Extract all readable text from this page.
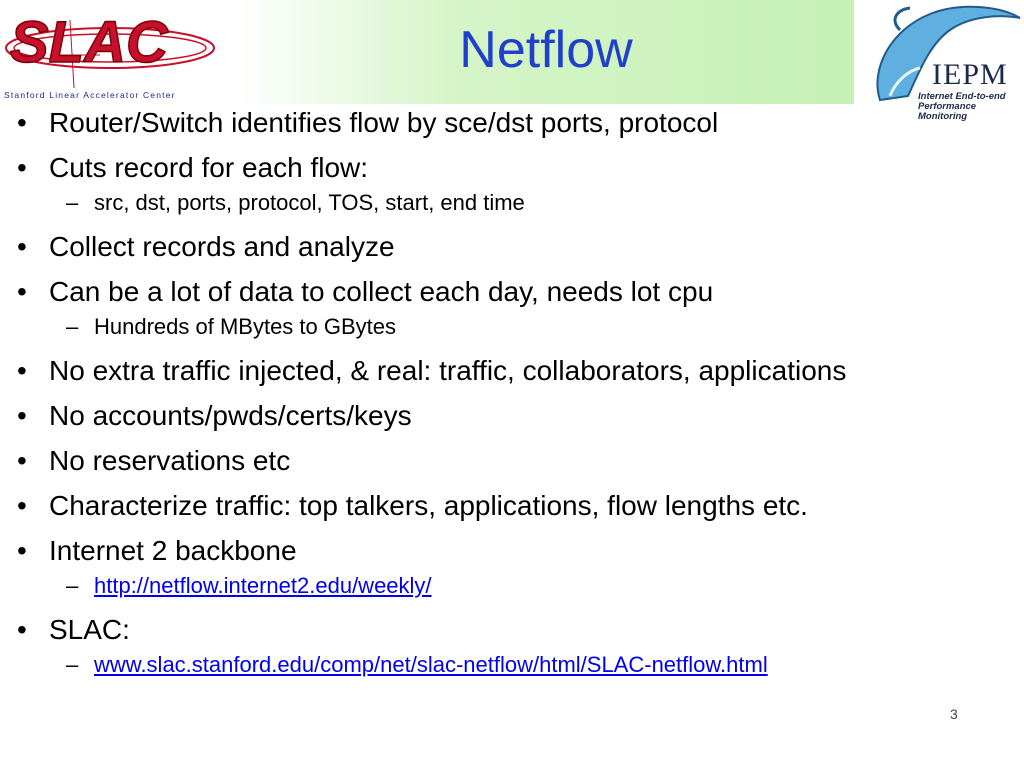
SLAC
Stanford Linear Accelerator Center
Netflow	IEPM
Internet End-to-end
Performance Monitoring
• Router/Switch identifies flow by sce/dst ports, protocol
• Cuts record for each flow:
– src, dst, ports, protocol, TOS, start, end time
• Collect records and analyze
• Can be a lot of data to collect each day, needs lot cpu
– Hundreds of MBytes to GBytes
• No extra traffic injected, & real: traffic, collaborators, applications
• No accounts/pwds/certs/keys
• No reservations etc
• Characterize traffic: top talkers, applications, flow lengths etc.
• Internet 2 backbone
– http://netflow.internet2.edu/weekly/
• SLAC:
– www.slac.stanford.edu/comp/net/slac-netflow/html/SLAC-netflow.html
3
